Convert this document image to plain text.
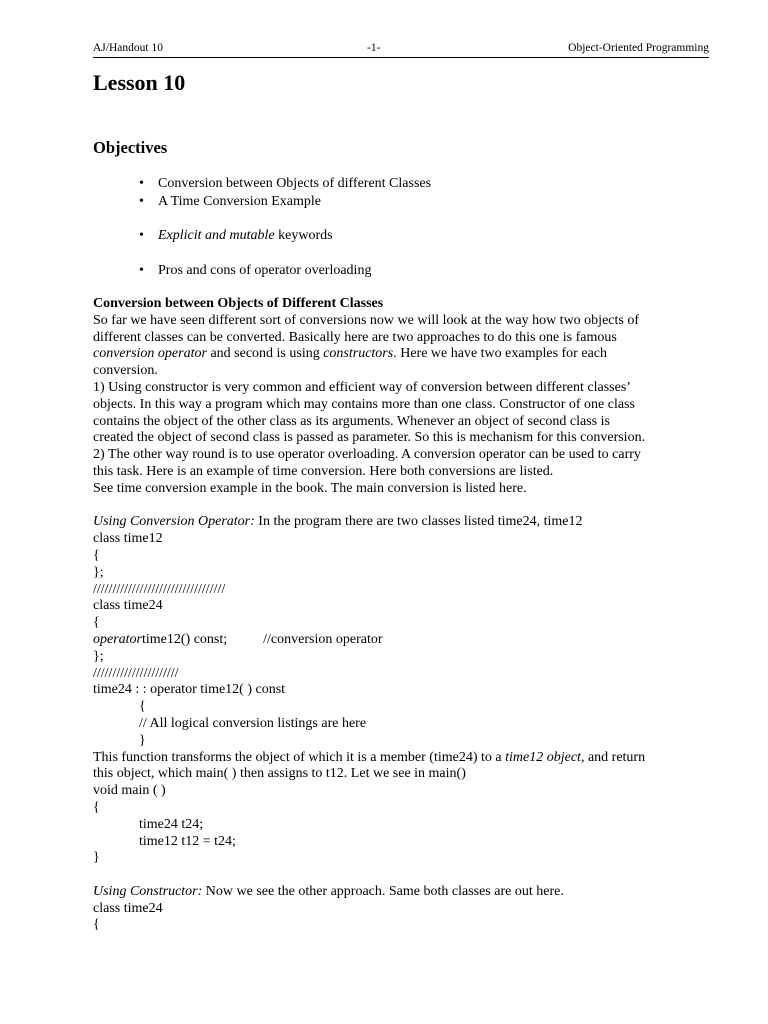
AJ/Handout 10	-1-	Object-Oriented Programming
Lesson 10
Objectives
• Conversion between Objects of different Classes
• A Time Conversion Example
• Explicit and mutable keywords
• Pros and cons of operator overloading
Conversion between Objects of Different Classes
So far we have seen different sort of conversions now we will look at the way how two objects of
different classes can be converted. Basically here are two approaches to do this one is famous
conversion operator and second is using constructors. Here we have two examples for each
conversion.
1) Using constructor is very common and efficient way of conversion between different classes’
objects. In this way a program which may contains more than one class. Constructor of one class
contains the object of the other class as its arguments. Whenever an object of second class is
created the object of second class is passed as parameter. So this is mechanism for this conversion.
2) The other way round is to use operator overloading. A conversion operator can be used to carry
this task. Here is an example of time conversion. Here both conversions are listed.
See time conversion example in the book. The main conversion is listed here.
Using Conversion Operator: In the program there are two classes listed time24, time12
class time12
{
};
//////////////////////////////////
class time24
{
operatortime12() const;	//conversion operator
};
//////////////////////
time24 : : operator time12( ) const
{
// All logical conversion listings are here
}
This function transforms the object of which it is a member (time24) to a time12 object, and return
this object, which main( ) then assigns to t12. Let we see in main()
void main ( )
{
time24 t24;
time12 t12 = t24;
}
Using Constructor: Now we see the other approach. Same both classes are out here.
class time24
{
